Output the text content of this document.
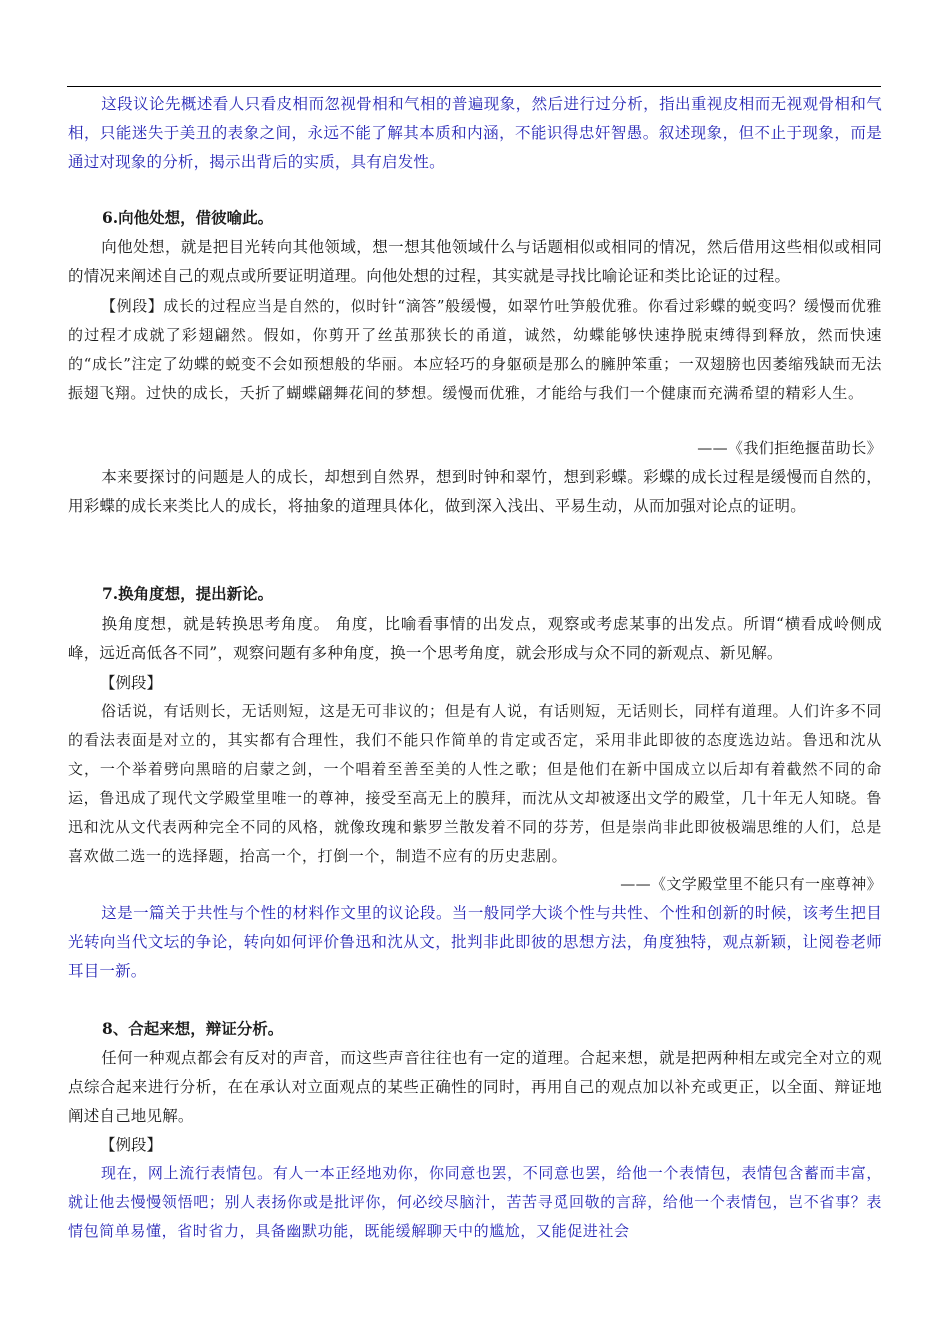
这段议论先概述看人只看皮相而忽视骨相和气相的普遍现象，然后进行过分析，指出重视皮相而无视观骨相和气相，只能迷失于美丑的表象之间，永远不能了解其本质和内涵，不能识得忠奸智愚。叙述现象，但不止于现象，而是通过对现象的分析，揭示出背后的实质，具有启发性。

6.向他处想，借彼喻此。

向他处想，就是把目光转向其他领域，想一想其他领域什么与话题相似或相同的情况，然后借用这些相似或相同的情况来阐述自己的观点或所要证明道理。向他处想的过程，其实就是寻找比喻论证和类比论证的过程。

【例段】成长的过程应当是自然的，似时针“滴答”般缓慢，如翠竹吐笋般优雅。你看过彩蝶的蜕变吗？缓慢而优雅的过程才成就了彩翅翩然。假如，你剪开了丝茧那狭长的甬道，诚然，幼蝶能够快速挣脱束缚得到释放，然而快速的“成长”注定了幼蝶的蜕变不会如预想般的华丽。本应轻巧的身躯硕是那么的臃肿笨重；一双翅膀也因萎缩残缺而无法振翅飞翔。过快的成长，夭折了蝴蝶翩舞花间的梦想。缓慢而优雅，才能给与我们一个健康而充满希望的精彩人生。

——《我们拒绝揠苗助长》

本来要探讨的问题是人的成长，却想到自然界，想到时钟和翠竹，想到彩蝶。彩蝶的成长过程是缓慢而自然的，用彩蝶的成长来类比人的成长，将抽象的道理具体化，做到深入浅出、平易生动，从而加强对论点的证明。

7.换角度想，提出新论。

换角度想，就是转换思考角度。 角度，比喻看事情的出发点，观察或考虑某事的出发点。所谓“横看成岭侧成峰，远近高低各不同”，观察问题有多种角度，换一个思考角度，就会形成与众不同的新观点、新见解。

【例段】

俗话说，有话则长，无话则短，这是无可非议的；但是有人说，有话则短，无话则长，同样有道理。人们许多不同的看法表面是对立的，其实都有合理性，我们不能只作简单的肯定或否定，采用非此即彼的态度选边站。鲁迅和沈从文，一个举着劈向黑暗的启蒙之剑，一个唱着至善至美的人性之歌；但是他们在新中国成立以后却有着截然不同的命运，鲁迅成了现代文学殿堂里唯一的尊神，接受至高无上的膜拜，而沈从文却被逐出文学的殿堂，几十年无人知晓。鲁迅和沈从文代表两种完全不同的风格，就像玫瑰和紫罗兰散发着不同的芬芳，但是崇尚非此即彼极端思维的人们，总是喜欢做二选一的选择题，抬高一个，打倒一个，制造不应有的历史悲剧。

——《文学殿堂里不能只有一座尊神》

这是一篇关于共性与个性的材料作文里的议论段。当一般同学大谈个性与共性、个性和创新的时候，该考生把目光转向当代文坛的争论，转向如何评价鲁迅和沈从文，批判非此即彼的思想方法，角度独特，观点新颖，让阅卷老师耳目一新。

8、合起来想，辩证分析。

任何一种观点都会有反对的声音，而这些声音往往也有一定的道理。合起来想，就是把两种相左或完全对立的观点综合起来进行分析，在在承认对立面观点的某些正确性的同时，再用自己的观点加以补充或更正，以全面、辩证地阐述自己地见解。

【例段】

现在，网上流行表情包。有人一本正经地劝你，你同意也罢，不同意也罢，给他一个表情包，表情包含蓄而丰富，就让他去慢慢领悟吧；别人表扬你或是批评你，何必绞尽脑汁，苦苦寻觅回敬的言辞，给他一个表情包，岂不省事？表情包简单易懂，省时省力，具备幽默功能，既能缓解聊天中的尴尬，又能促进社会
